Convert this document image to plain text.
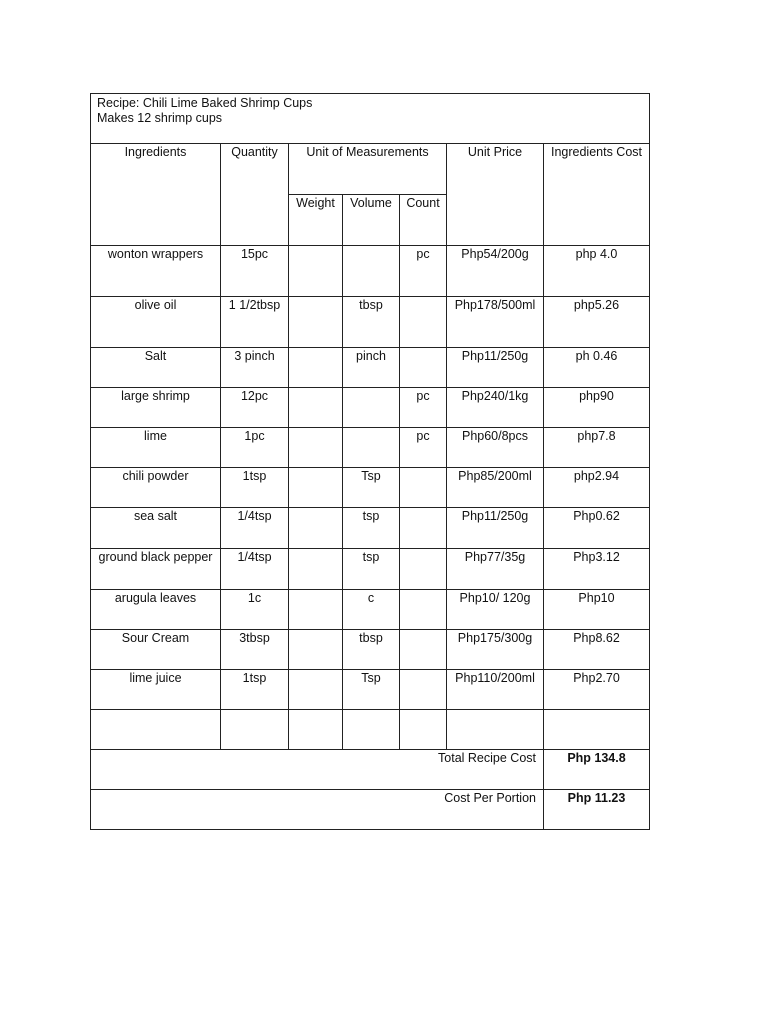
Recipe: Chili Lime Baked Shrimp Cups
Makes 12 shrimp cups						

Ingredients	Quantity	Unit of Measurements			Unit Price	Ingredients Cost
		Weight	Volume	Count		
wonton wrappers	15pc			pc	Php54/200g	php 4.0
olive oil	1 1/2tbsp		tbsp		Php178/500ml	php5.26
Salt	3 pinch		pinch		Php11/250g	ph 0.46
large shrimp	12pc			pc	Php240/1kg	php90
lime	1pc			pc	Php60/8pcs	php7.8
chili powder	1tsp		Tsp		Php85/200ml	php2.94
sea salt	1/4tsp		tsp		Php11/250g	Php0.62
ground black pepper	1/4tsp		tsp		Php77/35g	Php3.12
arugula leaves	1c		c		Php10/ 120g	Php10
Sour Cream	3tbsp		tbsp		Php175/300g	Php8.62
lime juice	1tsp		Tsp		Php110/200ml	Php2.70

Total Recipe Cost						Php 134.8
Cost Per Portion						Php 11.23
